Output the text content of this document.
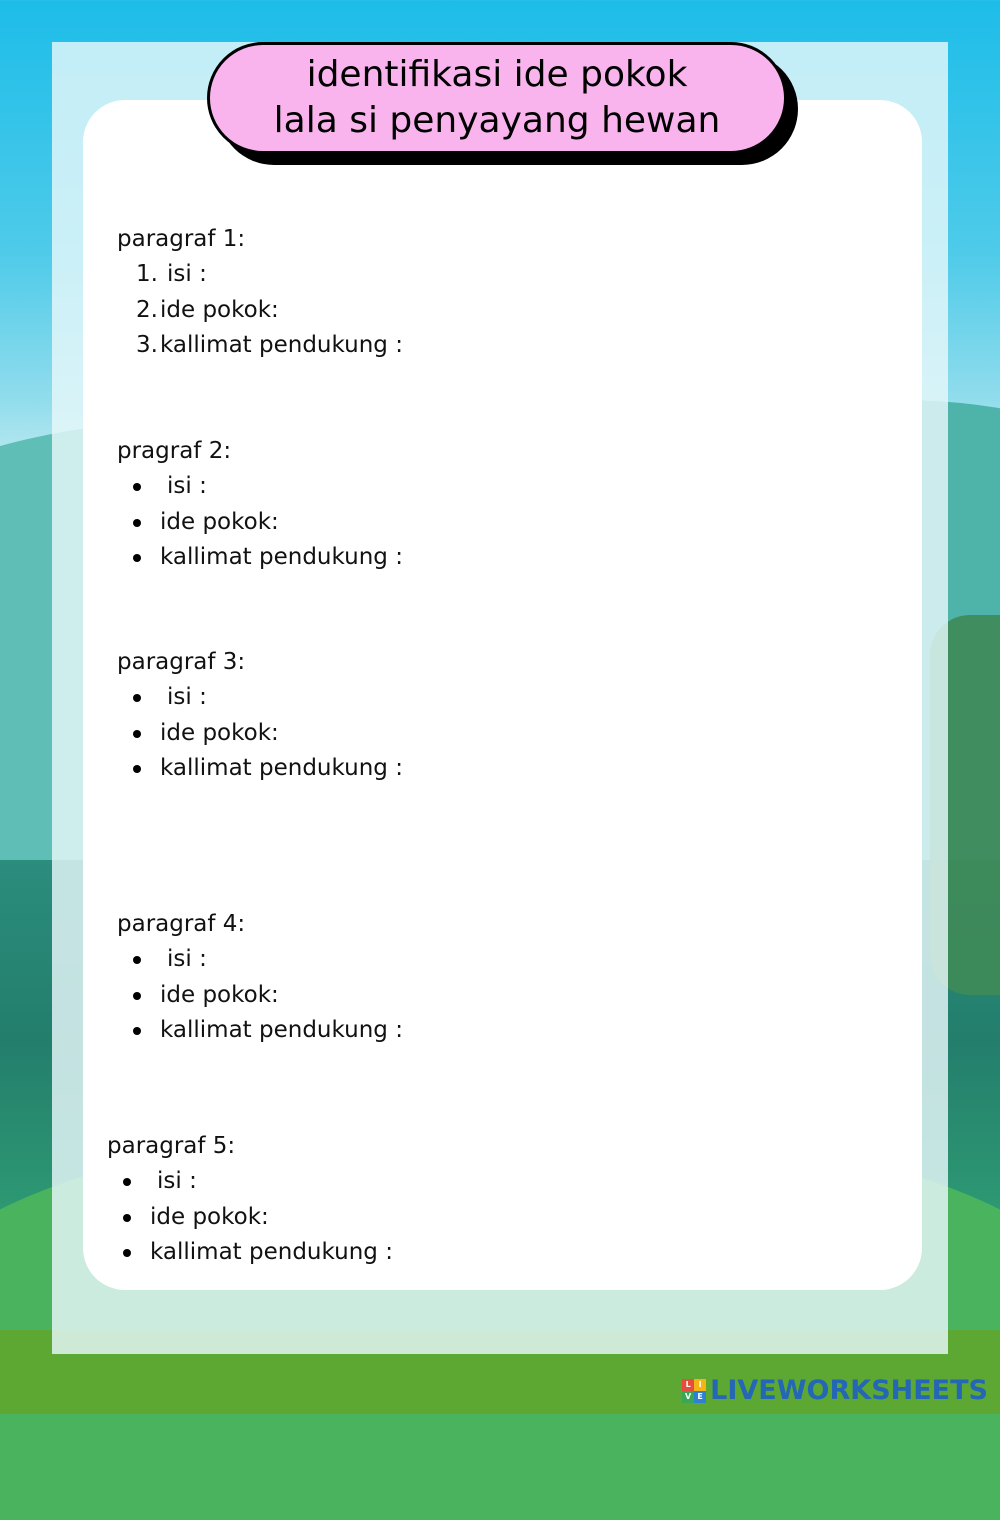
identifikasi ide pokok
lala si penyayang hewan
paragraf 1:
1. isi :
2. ide pokok:
3. kallimat pendukung :
pragraf 2:
isi :
ide pokok:
kallimat pendukung :
paragraf 3:
isi :
ide pokok:
kallimat pendukung :
paragraf 4:
isi :
ide pokok:
kallimat pendukung :
paragraf 5:
isi :
ide pokok:
kallimat pendukung :
L I
V E LIVEWORKSHEETS
